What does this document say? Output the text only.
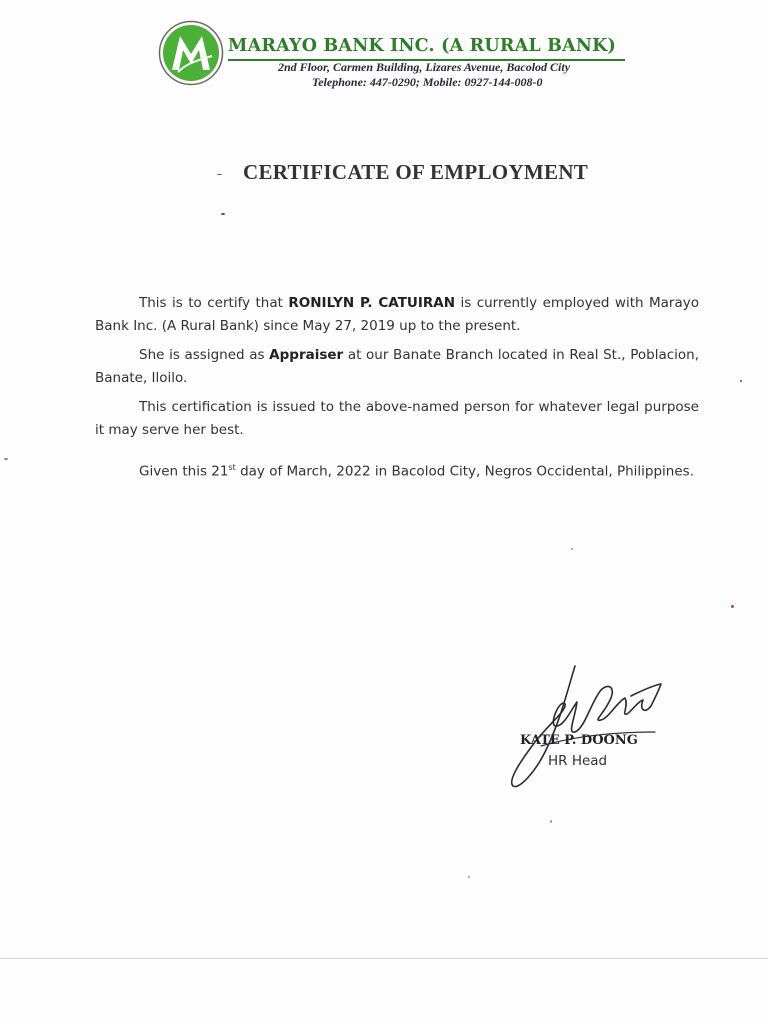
MARAYO BANK INC. (A RURAL BANK)
2nd Floor, Carmen Building, Lizares Avenue, Bacolod City
Telephone: 447-0290; Mobile: 0927-144-008-0
CERTIFICATE OF EMPLOYMENT

This is to certify that RONILYN P. CATUIRAN is currently employed with Marayo Bank Inc. (A Rural Bank) since May 27, 2019 up to the present.

She is assigned as Appraiser at our Banate Branch located in Real St., Poblacion, Banate, Iloilo.

This certification is issued to the above-named person for whatever legal purpose it may serve her best.

Given this 21st day of March, 2022 in Bacolod City, Negros Occidental, Philippines.

KATE P. DOONG
HR Head
